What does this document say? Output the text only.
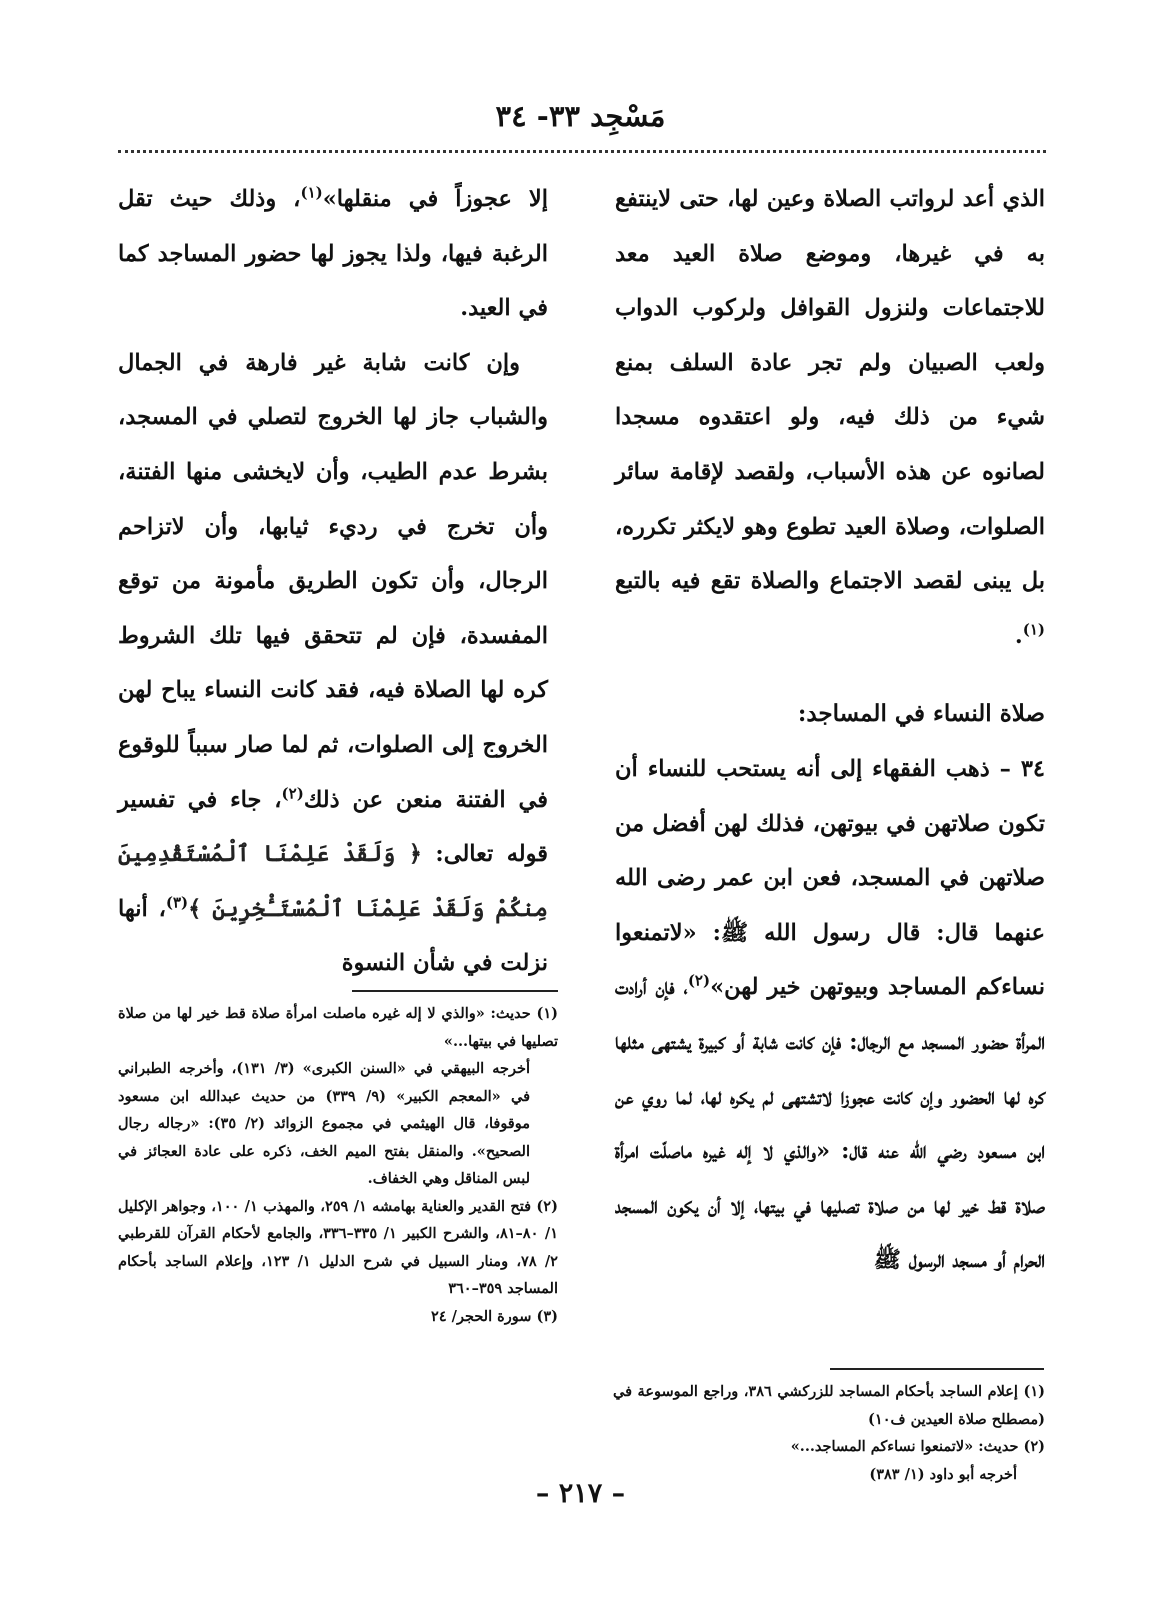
مَسْجِد ٣٣- ٣٤

الذي أعد لرواتب الصلاة وعين لها، حتى لاينتفع به في غيرها، وموضع صلاة العيد معد للاجتماعات ولنزول القوافل ولركوب الدواب ولعب الصبيان ولم تجر عادة السلف بمنع شيء من ذلك فيه، ولو اعتقدوه مسجدا لصانوه عن هذه الأسباب، ولقصد لإقامة سائر الصلوات، وصلاة العيد تطوع وهو لايكثر تكرره، بل يبنى لقصد الاجتماع والصلاة تقع فيه بالتبع $^{(١)}$.

صلاة النساء في المساجد:

٣٤ – ذهب الفقهاء إلى أنه يستحب للنساء أن تكون صلاتهن في بيوتهن، فذلك لهن أفضل من صلاتهن في المسجد، فعن ابن عمر رضى الله عنهما قال: قال رسول الله ﷺ: «لاتمنعوا نساءكم المساجد وبيوتهن خير لهن»$^{(٢)}$، فإن أرادت المرأة حضور المسجد مع الرجال: فإن كانت شابة أو كبيرة يشتهى مثلها كره لها الحضور وإن كانت عجوزا لاتشتهى لم يكره لها، لما روي عن ابن مسعود رضي الله عنه قال: «والذي لا إله غيره ماصلّت امرأة صلاة قط خير لها من صلاة تصليها في بيتها، إلا أن يكون المسجد الحرام أو مسجد الرسول ﷺ

إلا عجوزاً في منقلها»$^{(١)}$، وذلك حيث تقل الرغبة فيها، ولذا يجوز لها حضور المساجد كما في العيد.

وإن كانت شابة غير فارهة في الجمال والشباب جاز لها الخروج لتصلي في المسجد، بشرط عدم الطيب، وأن لايخشى منها الفتنة، وأن تخرج في رديء ثيابها، وأن لاتزاحم الرجال، وأن تكون الطريق مأمونة من توقع المفسدة، فإن لم تتحقق فيها تلك الشروط كره لها الصلاة فيه، فقد كانت النساء يباح لهن الخروج إلى الصلوات، ثم لما صار سبباً للوقوع في الفتنة منعن عن ذلك$^{(٢)}$، جاء في تفسير قوله تعالى: ﴿ وَلَقَدْ عَلِمْنَا ٱلْمُسْتَقْدِمِينَ مِنكُمْ وَلَقَدْ عَلِمْنَا ٱلْمُسْتَـْٔخِرِينَ ﴾$^{(٣)}$، أنها نزلت في شأن النسوة

(١) حديث: «والذي لا إله غيره ماصلت امرأة صلاة قط خير لها من صلاة تصليها في بيتها...»

أخرجه البيهقي في «السنن الكبرى» (٣/ ١٣١)، وأخرجه الطبراني في «المعجم الكبير» (٩/ ٣٣٩) من حديث عبدالله ابن مسعود موقوفا، قال الهيثمي في مجموع الزوائد (٢/ ٣٥): «رجاله رجال الصحيح». والمنقل بفتح الميم الخف، ذكره على عادة العجائز في لبس المناقل وهي الخفاف.

(٢) فتح القدير والعناية بهامشه ١/ ٢٥٩، والمهذب ١/ ١٠٠، وجواهر الإكليل ١/ ٨٠–٨١، والشرح الكبير ١/ ٣٣٥–٣٣٦، والجامع لأحكام القرآن للقرطبي ٢/ ٧٨، ومنار السبيل في شرح الدليل ١/ ١٢٣، وإعلام الساجد بأحكام المساجد ٣٥٩–٣٦٠

(٣) سورة الحجر/ ٢٤

(١) إعلام الساجد بأحكام المساجد للزركشي ٣٨٦، وراجع الموسوعة في (مصطلح صلاة العيدين ف١٠)

(٢) حديث: «لاتمنعوا نساءكم المساجد...»

أخرجه أبو داود (١/ ٣٨٣)

– ٢١٧ –
